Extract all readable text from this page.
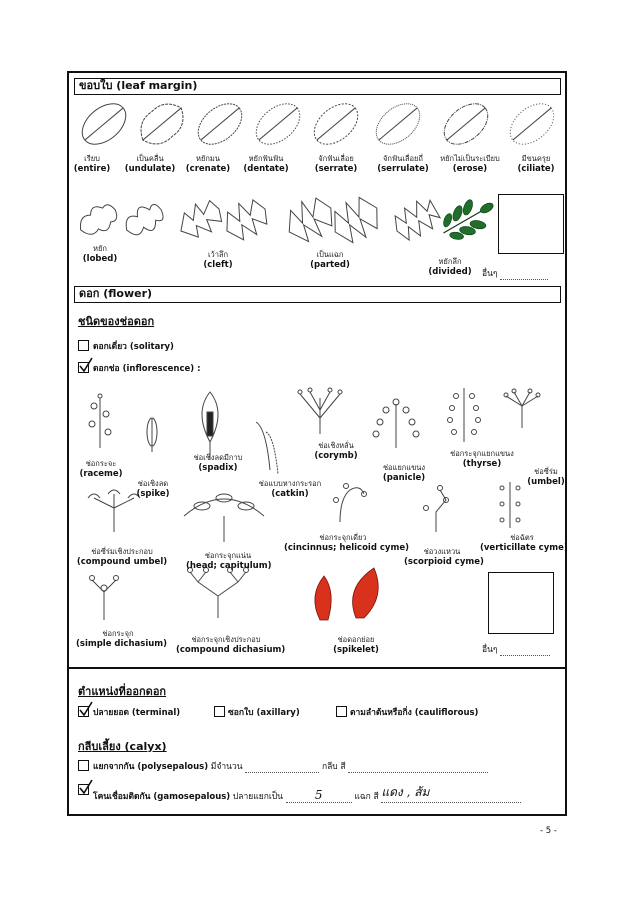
ขอบใบ (leaf margin)
เรียบ
(entire)
เป็นคลื่น
(undulate)
หยักมน
(crenate)
หยักฟันฟัน
(dentate)
จักฟันเลื่อย
(serrate)
จักฟันเลื่อยถี่
(serrulate)
หยักไม่เป็นระเบียบ
(erose)
มีขนครุย
(ciliate)
หยัก
(lobed)	เว้าลึก
(cleft)
เป็นแฉก
(parted)	หยักลึก
(divided)	อื่นๆ
ดอก (flower)
ชนิดของช่อดอก
ดอกเดี่ยว (solitary)
ดอกช่อ (inflorescence) :
ช่อกระจะ
(raceme)
ช่อเชิงลด
(spike)
ช่อเชิงลดมีกาบ
(spadix)
ช่อแบบหางกระรอก
(catkin)
ช่อเชิงหลั่น
(corymb)
ช่อแยกแขนง
(panicle)
ช่อกระจุกแยกแขนง
(thyrse)
ช่อซี่ร่ม
(umbel)
ช่อซี่ร่มเชิงประกอบ
(compound umbel)
ช่อกระจุกแน่น
(head; capitulum)
ช่อกระจุกเดี่ยว
(cincinnus; helicoid cyme)	ช่อวงแหวน
(scorpioid cyme)
ช่อฉัตร
(verticillate cyme)
ช่อกระจุก
(simple dichasium)	ช่อกระจุกเชิงประกอบ
(compound dichasium)
ช่อดอกย่อย
(spikelet)	อื่นๆ
ตำแหน่งที่ออกดอก
ปลายยอด (terminal)	ซอกใบ (axillary)	ตามลำต้นหรือกิ่ง (cauliflorous)
กลีบเลี้ยง (calyx)
แยกจากกัน (polysepalous) มีจำนวน	กลีบ สี
โคนเชื่อมติดกัน (gamosepalous) ปลายแยกเป็น	5	แฉก สี แดง , ส้ม
- 5 -
